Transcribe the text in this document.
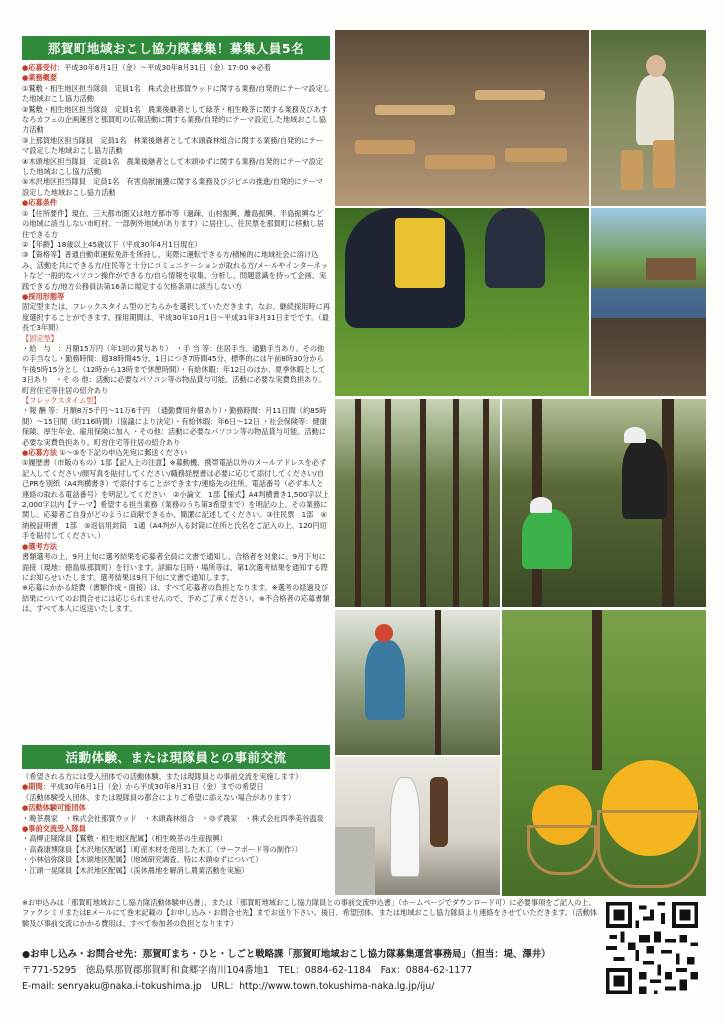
那賀町地域おこし協力隊募集！募集人員5名

●応募受付：平成30年6月1日（金）〜平成30年8月31日（金）17:00 ※必着

●業務概要

①鷲敷・相生地区担当隊員　定員1名　株式会社那賀ウッドに関する業務/自発的にテーマ設定した地域おこし協力活動

②鷲敷・相生地区担当隊員　定員1名　農業後継者として緑茶・相生晩茶に関する業務及びあすなろカフェの企画運営と那賀町の広報活動に関する業務/自発的にテーマ設定した地域おこし協力活動

③上那賀地区担当隊員　定員1名　林業後継者として木頭森林組合に関する業務/自発的にテーマ設定した地域おこし協力活動

④木頭地区担当隊員　定員1名　農業後継者として木頭ゆずに関する業務/自発的にテーマ設定した地域おこし協力活動

⑤木沢地区担当隊員　定員1名　有害鳥獣捕獲に関する業務及びジビエの推進/自発的にテーマ設定した地域おこし協力活動

●応募条件

①【住所要件】現在、三大都市圏又は地方都市等（過疎、山村振興、離島振興、半島振興などの地域に該当しない市町村、一部例外地域があります）に居住し、住民票を那賀町に移動し居住できる方

②【年齢】18歳以上45歳以下（平成30年4月1日現在）

③【資格等】普通自動車運転免許を所持し、実際に運転できる方/積極的に地域社会に溶け込み、活動を共にできる方/住民等と十分にコミュニケーションが取れる方/メールやインターネットなど一般的なパソコン操作ができる方/自ら情報を収集、分析し、問題意識を持って企画、実践できる方/地方公務員法第16条に規定する欠格条項に該当しない方

●採用形態等

固定型または、フレックスタイム型のどちらかを選択していただきます。なお、継続採用時に再度選択することができます。採用期間は、平成30年10月1日〜平成31年3月31日までです。（最長で3年間）

【固定型】

・給　与　：月額15万円（年1回の賞与あり）　・手 当 等：住居手当、通勤手当あり、その他の手当なし・勤務時間：週38時間45分、1日につき7時間45分、標準的には午前8時30分から午後5時15分とし（12時から13時まで休憩時間）・有給休暇：年12日のほか、夏季休暇として3日あり　・そ の 他：活動に必要なパソコン等の物品貸与可能。活動に必要な実費負担あり。町営住宅等住居の紹介あり

【フレックスタイム型】

・報 酬 等：月額8万5千円〜11万6千円　（通勤費用弁償あり）・勤務時間：月11日間（約85時間）〜15日間（約116時間）（協議により決定）・有給休暇：年6日〜12日 ・社会保険等：健康保険、厚生年金、雇用保険に加入 ・その他：活動に必要なパソコン等の物品貸与可能。活動に必要な実費負担あり。町営住宅等住居の紹介あり

●応募方法 ①〜⑤を下記の申込先宛に郵送ください

①履歴書（市販のもの）1部【記入上の注意】※募動機、携帯電話以外のメールアドレスを必ず記入してください/顔写真を貼付してください/職務経歴書は必要に応じて添付してください/自己PRを別紙（A4判横書き）で添付することができます/連絡先の住所、電話番号（必ず本人と連絡の取れる電話番号）を明記してください　②小論文　1部【様式】A4判横書き1,500字以上2,000字以内【テーマ】希望する担当業務（業務のうち第3希望まで）を明記の上、その業務に関し、応募者ご自身がどのように貢献できるか、簡潔に記述してください。③住民票　1部　④納税証明書　1部　⑤返信用封筒　1通（A4判が入る封筒に住所と氏名をご記入の上、120円切手を貼付してください。）

●選考方法

書類選考の上、9月上旬に選考結果を応募者全員に文書で通知し、合格者を対象に、9月下旬に面接（現地：徳島県那賀町）を行います。詳細な日時・場所等は、第1次選考結果を通知する際にお知らせいたします。選考結果は9月下旬に文書で通知します。

※応募にかかる経費（書類作成・面接）は、すべて応募者の負担となります。※選考の経過及び結果についてのお問合せには応じられませんので、予めご了承ください。※不合格者の応募書類は、すべて本人に返送いたします。

活動体験、または現隊員との事前交流

（希望される方には受入団体での活動体験、または現隊員との事前交流を実施します）

●期間：平成30年6月1日（金）から平成30年8月31日（金）までの希望日

（活動体験受入団体、または現隊員の都合によりご希望に添えない場合があります）

●活動体験可能団体

・晩茶農家　・株式会社那賀ウッド　・木頭森林組合　・ゆず農家　・株式会社四季美谷温泉

●事前交流受入隊員

・高柳正隆隊員【鷲敷・相生地区配属】（相生晩茶の生産振興）

・高森康博隊員【木沢地区配属】（町産木材を使用した木工（サーフボード等の制作））

・小林信弥隊員【木頭地区配属】（地域研究調査、特に木頭ゆずについて）

・江頭一晃隊員【木沢地区配属】（渓休農地を解消し農業活動を実施）

※お申込みは「那賀町地域おこし協力隊活動体験申込書」、または「那賀町地域おこし協力隊員との事前交流申込書」（ホームページでダウンロード可）に必要事項をご記入の上、ファクシミリまたはEメールにて巻末記載の【お申し込み・お問合せ先】までお送り下さい。後日、希望団体、または地域おこし協力隊員より連絡をさせていただきます。（活動体験及び事前交流にかかる費用は、すべて参加者の負担となります）

●お申し込み・お問合せ先：那賀町まち・ひと・しごと戦略課「那賀町地域おこし協力隊募集運営事務局」（担当：堤、澤井）
〒771-5295　徳島県那賀郡那賀町和食郷字南川104番地1　 TEL：0884-62-1184　 Fax：0884-62-1177
E-mail: senryaku@naka.i-tokushima.jp　 URL：http://www.town.tokushima-naka.lg.jp/iju/
